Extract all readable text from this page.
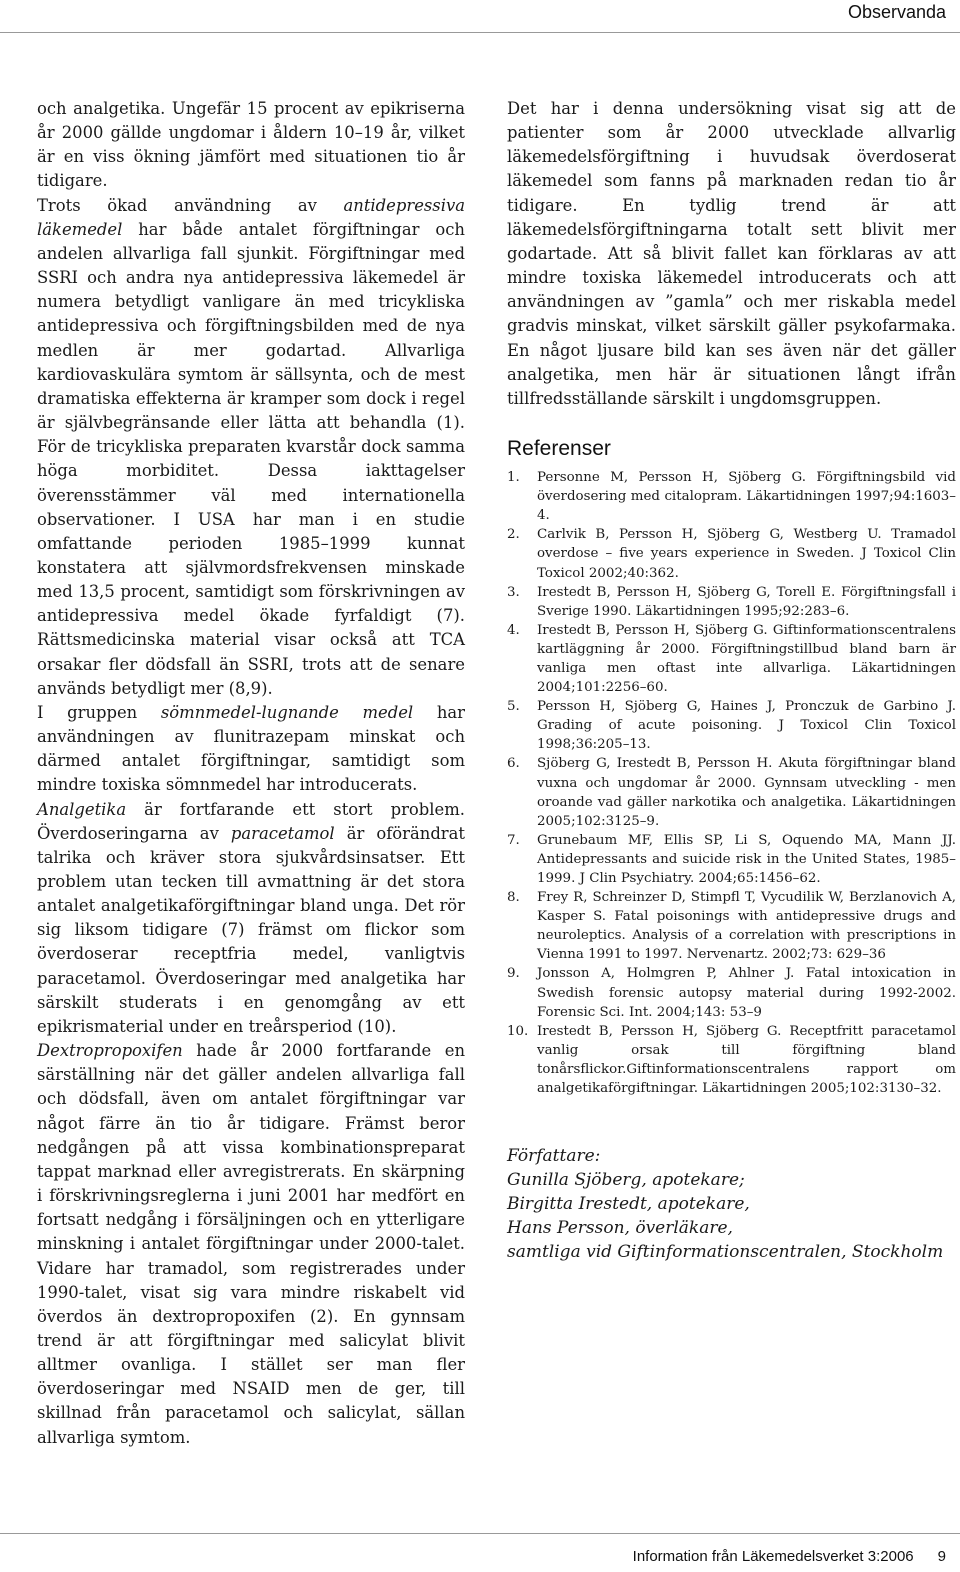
Observanda

och analgetika. Ungefär 15 procent av epikriserna år 2000 gällde ungdomar i åldern 10–19 år, vilket är en viss ökning jämfört med situationen tio år tidigare.

Trots ökad användning av antidepressiva läkemedel har både antalet förgiftningar och andelen allvarliga fall sjunkit. Förgiftningar med SSRI och andra nya antidepressiva läkemedel är numera betydligt vanligare än med tricykliska antidepressiva och förgiftningsbilden med de nya medlen är mer godartad. Allvarliga kardiovaskulära symtom är sällsynta, och de mest dramatiska effekterna är kramper som dock i regel är självbegränsande eller lätta att behandla (1). För de tricykliska preparaten kvarstår dock samma höga morbiditet. Dessa iakttagelser överensstämmer väl med internationella observationer. I USA har man i en studie omfattande perioden 1985–1999 kunnat konstatera att självmordsfrekvensen minskade med 13,5 procent, samtidigt som förskrivningen av antidepressiva medel ökade fyrfaldigt (7). Rättsmedicinska material visar också att TCA orsakar fler dödsfall än SSRI, trots att de senare används betydligt mer (8,9).

I gruppen sömnmedel-lugnande medel har användningen av flunitrazepam minskat och därmed antalet förgiftningar, samtidigt som mindre toxiska sömnmedel har introducerats.

Analgetika är fortfarande ett stort problem. Överdoseringarna av paracetamol är oförändrat talrika och kräver stora sjukvårdsinsatser. Ett problem utan tecken till avmattning är det stora antalet analgetikaförgiftningar bland unga. Det rör sig liksom tidigare (7) främst om flickor som överdoserar receptfria medel, vanligtvis paracetamol. Överdoseringar med analgetika har särskilt studerats i en genomgång av ett epikrismaterial under en treårsperiod (10).

Dextropropoxifen hade år 2000 fortfarande en särställning när det gäller andelen allvarliga fall och dödsfall, även om antalet förgiftningar var något färre än tio år tidigare. Främst beror nedgången på att vissa kombinationspreparat tappat marknad eller avregistrerats. En skärpning i förskrivningsreglerna i juni 2001 har medfört en fortsatt nedgång i försäljningen och en ytterligare minskning i antalet förgiftningar under 2000-talet. Vidare har tramadol, som registrerades under 1990-talet, visat sig vara mindre riskabelt vid överdos än dextropropoxifen (2). En gynnsam trend är att förgiftningar med salicylat blivit alltmer ovanliga. I stället ser man fler överdoseringar med NSAID men de ger, till skillnad från paracetamol och salicylat, sällan allvarliga symtom.

Det har i denna undersökning visat sig att de patienter som år 2000 utvecklade allvarlig läkemedelsförgiftning i huvudsak överdoserat läkemedel som fanns på marknaden redan tio år tidigare. En tydlig trend är att läkemedelsförgiftningarna totalt sett blivit mer godartade. Att så blivit fallet kan förklaras av att mindre toxiska läkemedel introducerats och att användningen av ”gamla” och mer riskabla medel gradvis minskat, vilket särskilt gäller psykofarmaka. En något ljusare bild kan ses även när det gäller analgetika, men här är situationen långt ifrån tillfredsställande särskilt i ungdomsgruppen.

Referenser
1. Personne M, Persson H, Sjöberg G. Förgiftningsbild vid överdosering med citalopram. Läkartidningen 1997;94:1603–4.
2. Carlvik B, Persson H, Sjöberg G, Westberg U. Tramadol overdose – five years experience in Sweden. J Toxicol Clin Toxicol 2002;40:362.
3. Irestedt B, Persson H, Sjöberg G, Torell E. Förgiftningsfall i Sverige 1990. Läkartidningen 1995;92:283–6.
4. Irestedt B, Persson H, Sjöberg G. Giftinformationscentralens kartläggning år 2000. Förgiftningstillbud bland barn är vanliga men oftast inte allvarliga. Läkartidningen 2004;101:2256–60.
5. Persson H, Sjöberg G, Haines J, Pronczuk de Garbino J. Grading of acute poisoning. J Toxicol Clin Toxicol 1998;36:205–13.
6. Sjöberg G, Irestedt B, Persson H. Akuta förgiftningar bland vuxna och ungdomar år 2000. Gynnsam utveckling - men oroande vad gäller narkotika och analgetika. Läkartidningen 2005;102:3125–9.
7. Grunebaum MF, Ellis SP, Li S, Oquendo MA, Mann JJ. Antidepressants and suicide risk in the United States, 1985–1999. J Clin Psychiatry. 2004;65:1456–62.
8. Frey R, Schreinzer D, Stimpfl T, Vycudilik W, Berzlanovich A, Kasper S. Fatal poisonings with antidepressive drugs and neuroleptics. Analysis of a correlation with prescriptions in Vienna 1991 to 1997. Nervenartz. 2002;73: 629–36
9. Jonsson A, Holmgren P, Ahlner J. Fatal intoxication in Swedish forensic autopsy material during 1992-2002. Forensic Sci. Int. 2004;143: 53–9
10. Irestedt B, Persson H, Sjöberg G. Receptfritt paracetamol vanlig orsak till förgiftning bland tonårsflickor.Giftinformationscentralens rapport om analgetikaförgiftningar. Läkartidningen 2005;102:3130–32.
Författare:
Gunilla Sjöberg, apotekare;
Birgitta Irestedt, apotekare,
Hans Persson, överläkare,
samtliga vid Giftinformationscentralen, Stockholm
Information från Läkemedelsverket 3:2006 9
